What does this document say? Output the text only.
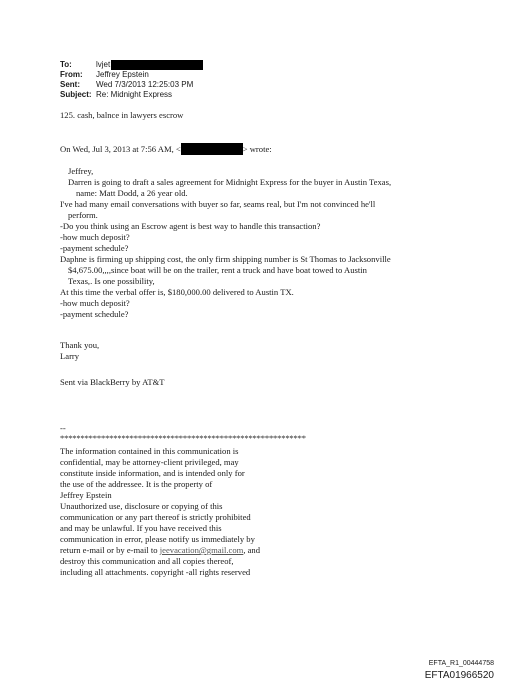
To:	lvjet
From:	Jeffrey Epstein
Sent:	Wed 7/3/2013 12:25:03 PM
Subject: Re: Midnight Express
125. cash, balnce in lawyers escrow
On Wed, Jul 3, 2013 at 7:56 AM, <	> wrote:
Jeffrey,
Darren is going to draft a sales agreement for Midnight Express for the buyer in Austin Texas,
name: Matt Dodd, a 26 year old.
I've had many email conversations with buyer so far, seams real, but I'm not convinced he'll
perform.
-Do you think using an Escrow agent is best way to handle this transaction?
-how much deposit?
-payment schedule?
Daphne is firming up shipping cost, the only firm shipping number is St Thomas to Jacksonville
$4,675.00,,,,since boat will be on the trailer, rent a truck and have boat towed to Austin
Texas,. Is one possibility,
At this time the verbal offer is, $180,000.00 delivered to Austin TX.
-how much deposit?
-payment schedule?
Thank you,
Larry
Sent via BlackBerry by AT&T
--
************************************************************
The information contained in this communication is
confidential, may be attorney-client privileged, may
constitute inside information, and is intended only for
the use of the addressee. It is the property of
Jeffrey Epstein
Unauthorized use, disclosure or copying of this
communication or any part thereof is strictly prohibited
and may be unlawful. If you have received this
communication in error, please notify us immediately by
return e-mail or by e-mail to jeevacation@gmail.com, and
destroy this communication and all copies thereof,
including all attachments. copyright -all rights reserved
EFTA_R1_00444758
EFTA01966520
